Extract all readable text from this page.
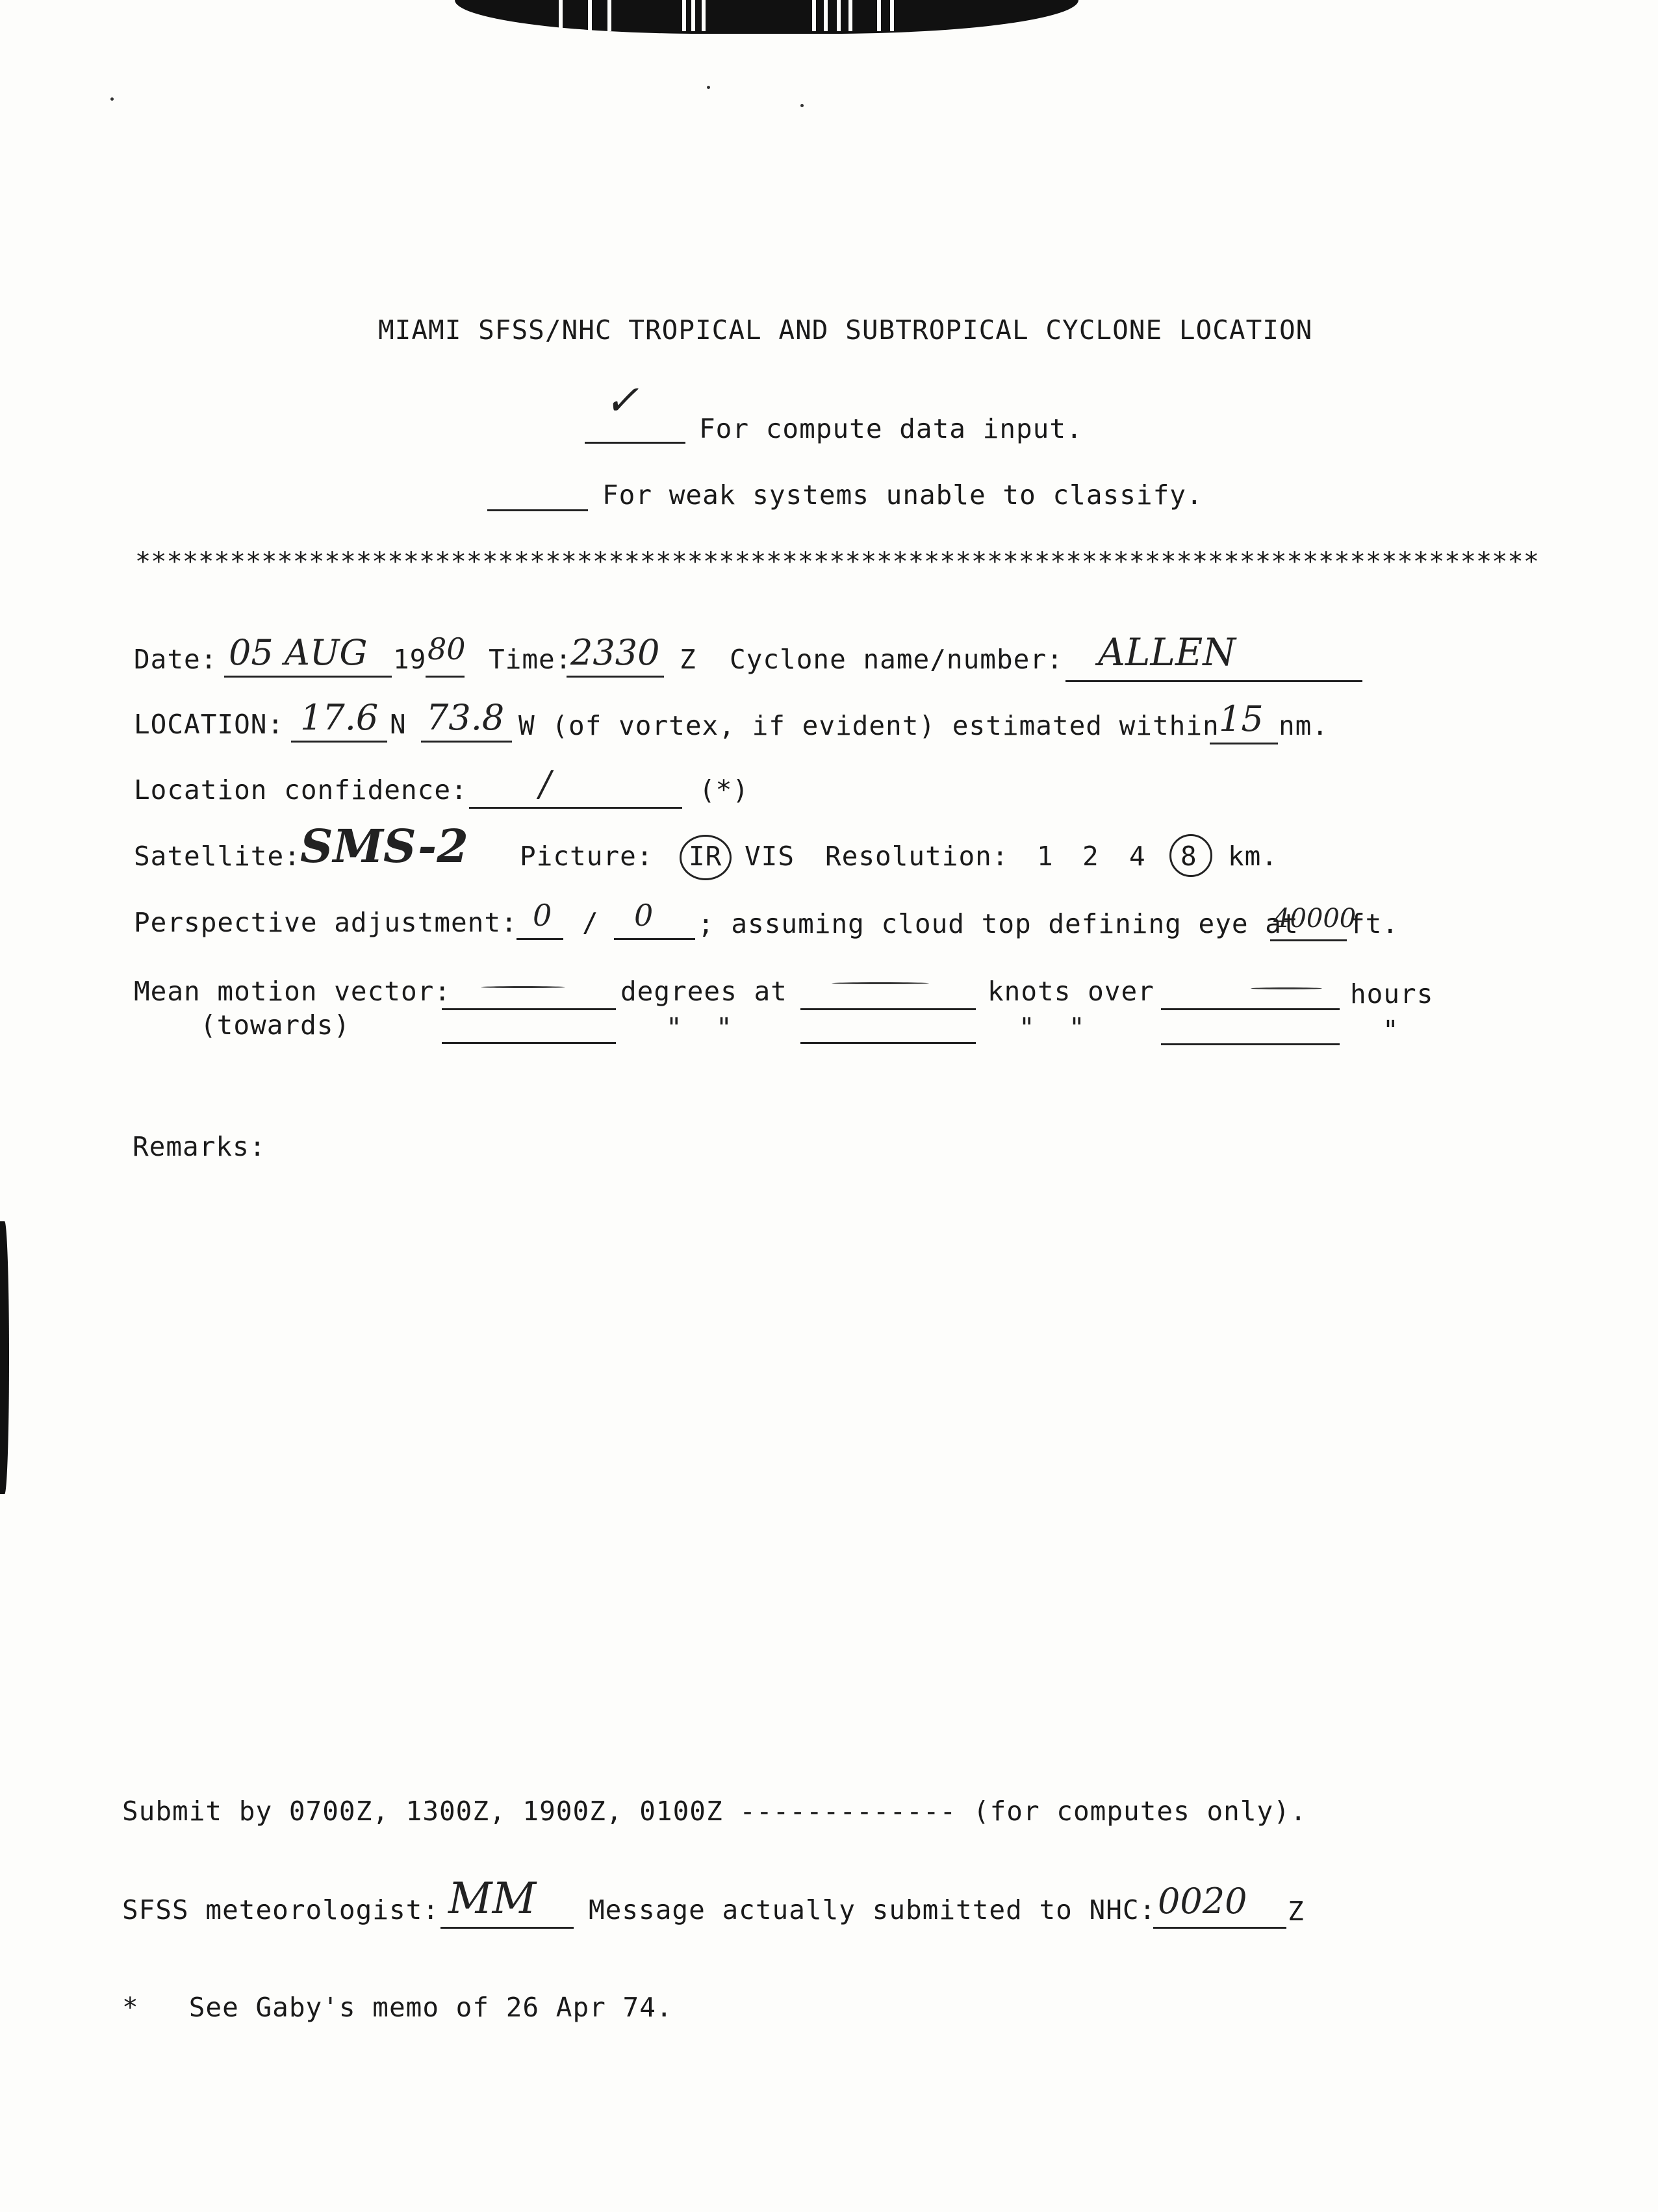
MIAMI SFSS/NHC TROPICAL AND SUBTROPICAL CYCLONE LOCATION
✓
For compute data input.
For weak systems unable to classify.
*****************************************************************************************
Date: 05 AUG 19 80 Time:
2330 Z Cyclone name/number: ALLEN
LOCATION: 17.6 N 73.8 W (of vortex, if evident) estimated within 15 nm.
Location confidence: /	(*)
Satellite: SMS-2 Picture: IR VIS Resolution: 1 2 4 8 km.
Perspective adjustment: 0 / 0 ; assuming cloud top defining eye at
40000
ft.
Mean motion vector:	degrees at	knots over	hours
(towards)	"  "	"  "	"
Remarks:
Submit by 0700Z, 1300Z, 1900Z, 0100Z ------------- (for computes only).
SFSS meteorologist: MM Message actually submitted to NHC: 0020 Z
*   See Gaby's memo of 26 Apr 74.
